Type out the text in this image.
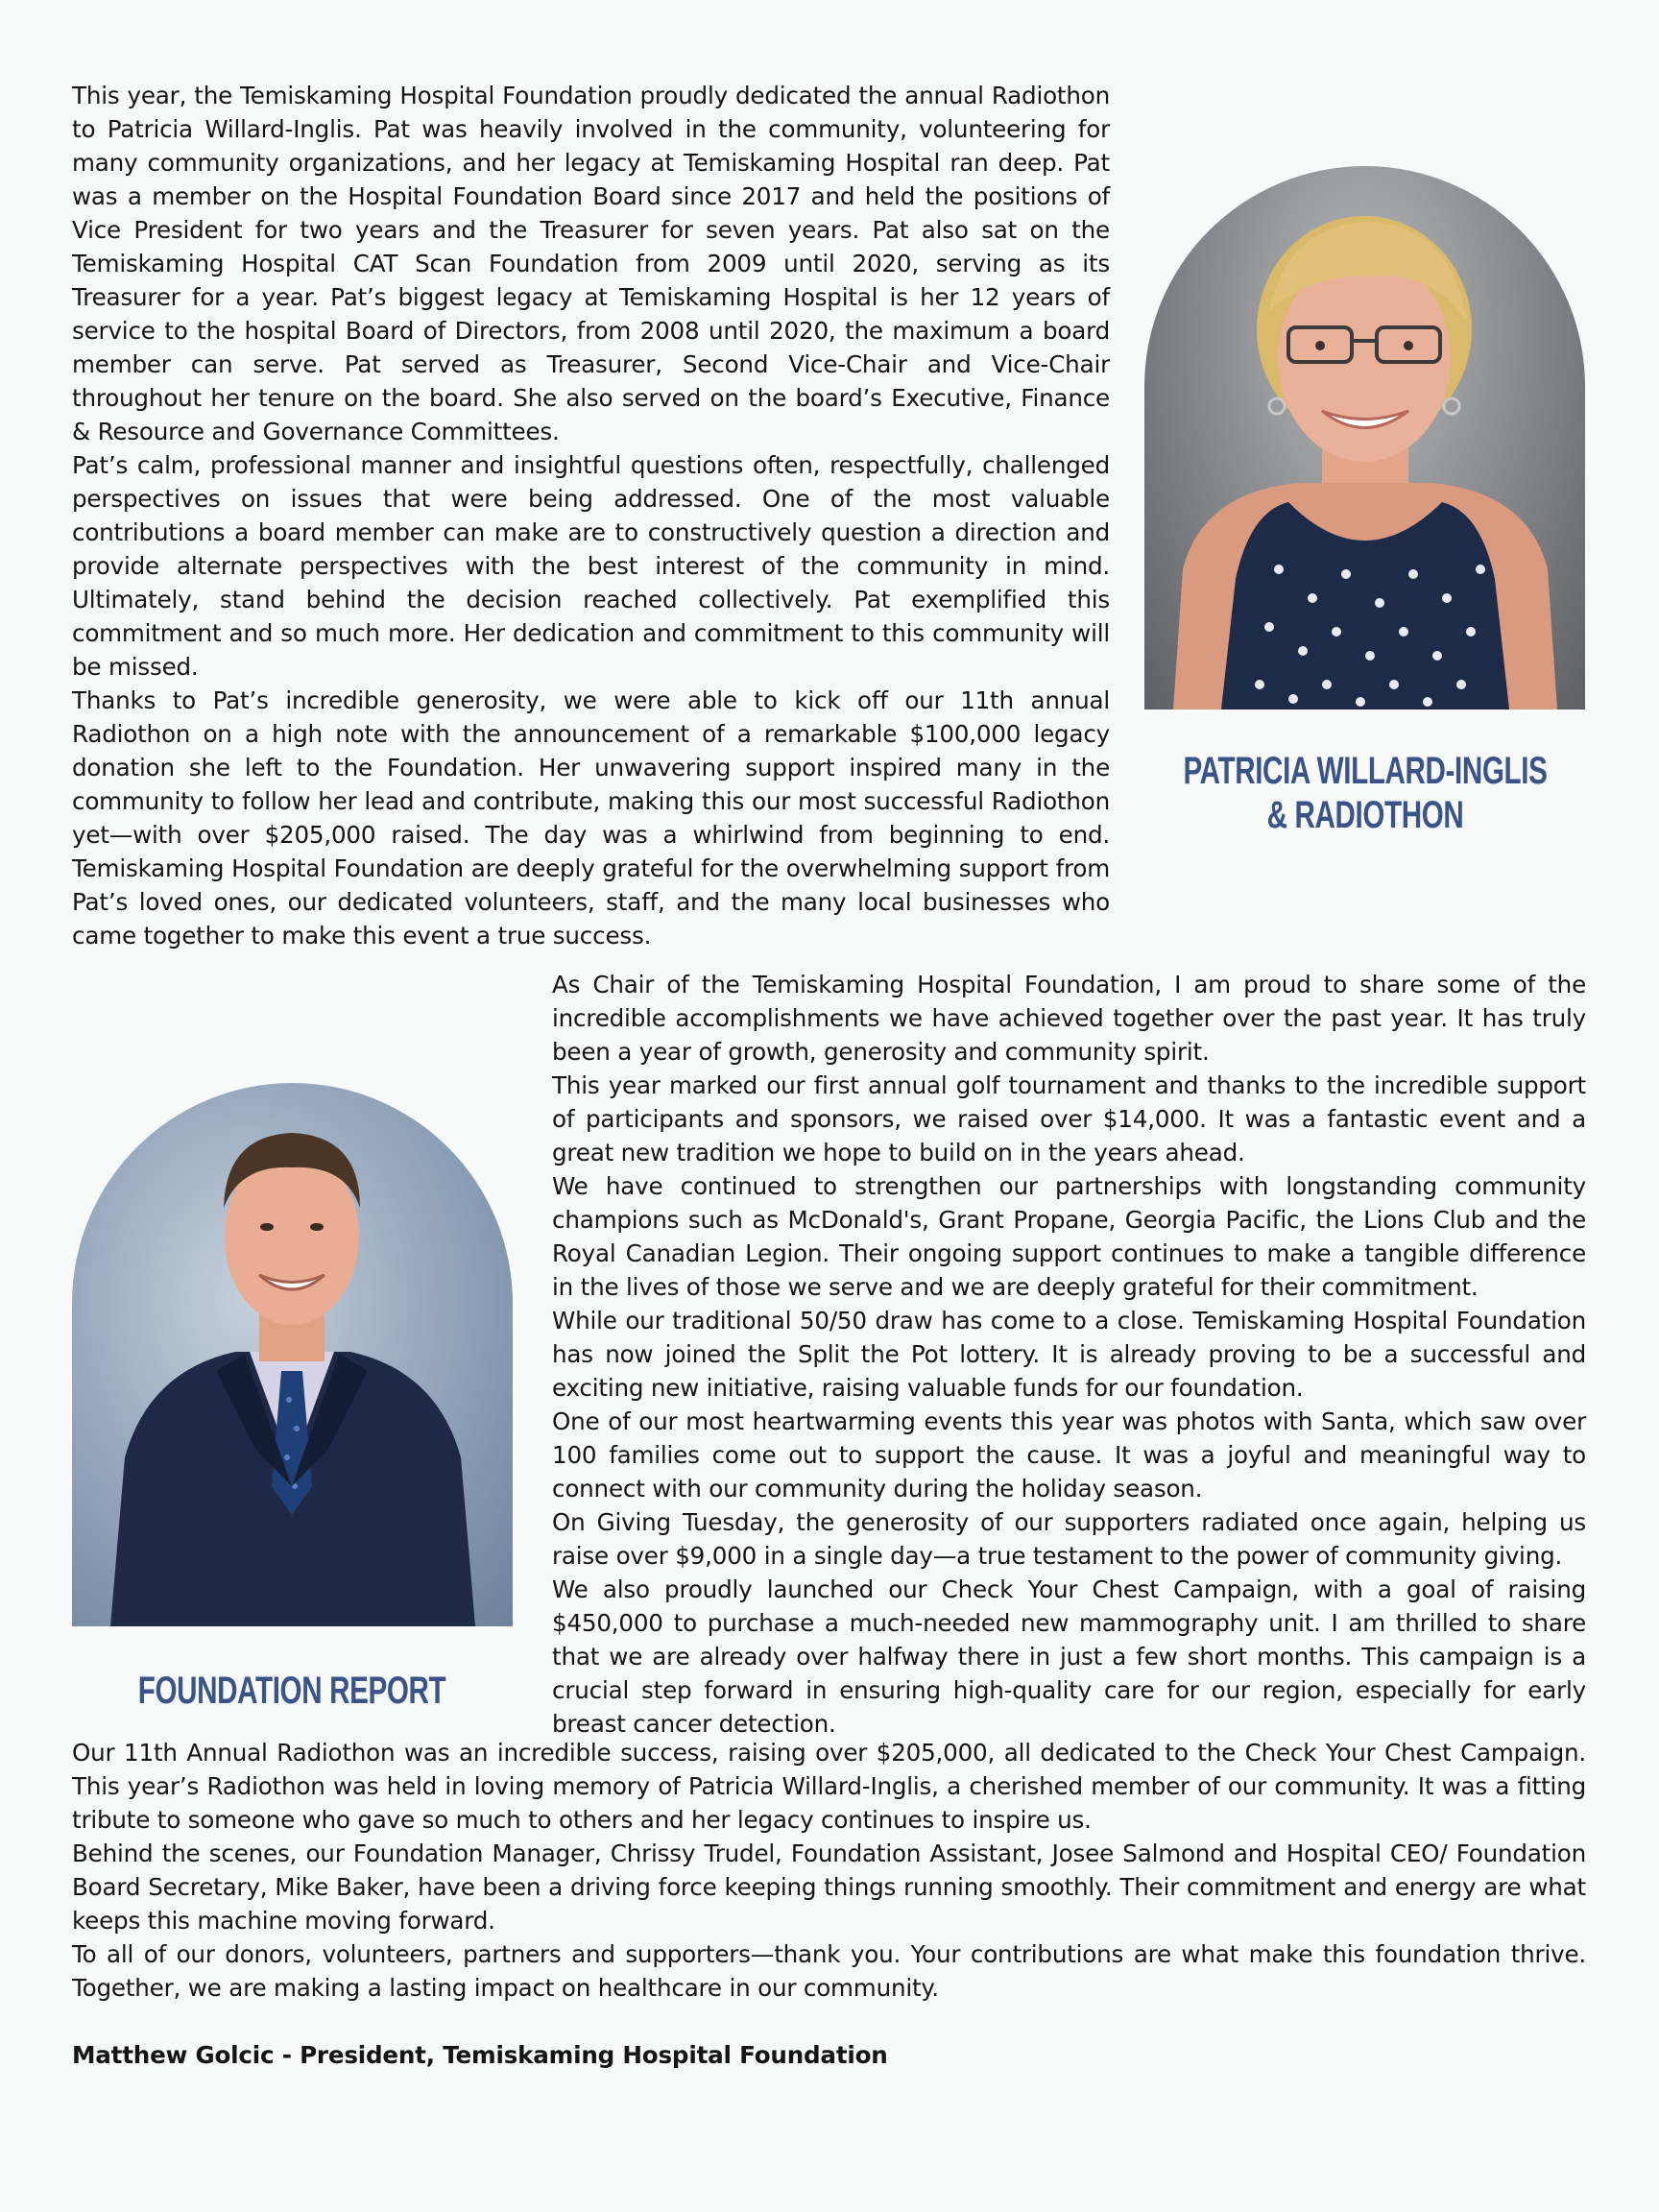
This year, the Temiskaming Hospital Foundation proudly dedicated the annual Radiothon to Patricia Willard-Inglis. Pat was heavily involved in the community, volunteering for many community organizations, and her legacy at Temiskaming Hospital ran deep. Pat was a member on the Hospital Foundation Board since 2017 and held the positions of Vice President for two years and the Treasurer for seven years. Pat also sat on the Temiskaming Hospital CAT Scan Foundation from 2009 until 2020, serving as its Treasurer for a year. Pat’s biggest legacy at Temiskaming Hospital is her 12 years of service to the hospital Board of Directors, from 2008 until 2020, the maximum a board member can serve. Pat served as Treasurer, Second Vice-Chair and Vice-Chair throughout her tenure on the board. She also served on the board’s Executive, Finance & Resource and Governance Committees.

Pat’s calm, professional manner and insightful questions often, respectfully, challenged perspectives on issues that were being addressed. One of the most valuable contributions a board member can make are to constructively question a direction and provide alternate perspectives with the best interest of the community in mind. Ultimately, stand behind the decision reached collectively. Pat exemplified this commitment and so much more. Her dedication and commitment to this community will be missed.

Thanks to Pat’s incredible generosity, we were able to kick off our 11th annual Radiothon on a high note with the announcement of a remarkable $100,000 legacy donation she left to the Foundation. Her unwavering support inspired many in the community to follow her lead and contribute, making this our most successful Radiothon yet—with over $205,000 raised. The day was a whirlwind from beginning to end. Temiskaming Hospital Foundation are deeply grateful for the overwhelming support from Pat’s loved ones, our dedicated volunteers, staff, and the many local businesses who came together to make this event a true success.

PATRICIA WILLARD-INGLIS
& RADIOTHON
FOUNDATION REPORT

As Chair of the Temiskaming Hospital Foundation, I am proud to share some of the incredible accomplishments we have achieved together over the past year. It has truly been a year of growth, generosity and community spirit.

This year marked our first annual golf tournament and thanks to the incredible support of participants and sponsors, we raised over $14,000. It was a fantastic event and a great new tradition we hope to build on in the years ahead.

We have continued to strengthen our partnerships with longstanding community champions such as McDonald's, Grant Propane, Georgia Pacific, the Lions Club and the Royal Canadian Legion. Their ongoing support continues to make a tangible difference in the lives of those we serve and we are deeply grateful for their commitment.

While our traditional 50/50 draw has come to a close. Temiskaming Hospital Foundation has now joined the Split the Pot lottery. It is already proving to be a successful and exciting new initiative, raising valuable funds for our foundation.

One of our most heartwarming events this year was photos with Santa, which saw over 100 families come out to support the cause. It was a joyful and meaningful way to connect with our community during the holiday season.

On Giving Tuesday, the generosity of our supporters radiated once again, helping us raise over $9,000 in a single day—a true testament to the power of community giving.

We also proudly launched our Check Your Chest Campaign, with a goal of raising $450,000 to purchase a much-needed new mammography unit. I am thrilled to share that we are already over halfway there in just a few short months. This campaign is a crucial step forward in ensuring high-quality care for our region, especially for early breast cancer detection.

Our 11th Annual Radiothon was an incredible success, raising over $205,000, all dedicated to the Check Your Chest Campaign. This year’s Radiothon was held in loving memory of Patricia Willard-Inglis, a cherished member of our community. It was a fitting tribute to someone who gave so much to others and her legacy continues to inspire us.

Behind the scenes, our Foundation Manager, Chrissy Trudel, Foundation Assistant, Josee Salmond and Hospital CEO/ Foundation Board Secretary, Mike Baker, have been a driving force keeping things running smoothly. Their commitment and energy are what keeps this machine moving forward.

To all of our donors, volunteers, partners and supporters—thank you. Your contributions are what make this foundation thrive. Together, we are making a lasting impact on healthcare in our community.

Matthew Golcic - President, Temiskaming Hospital Foundation
